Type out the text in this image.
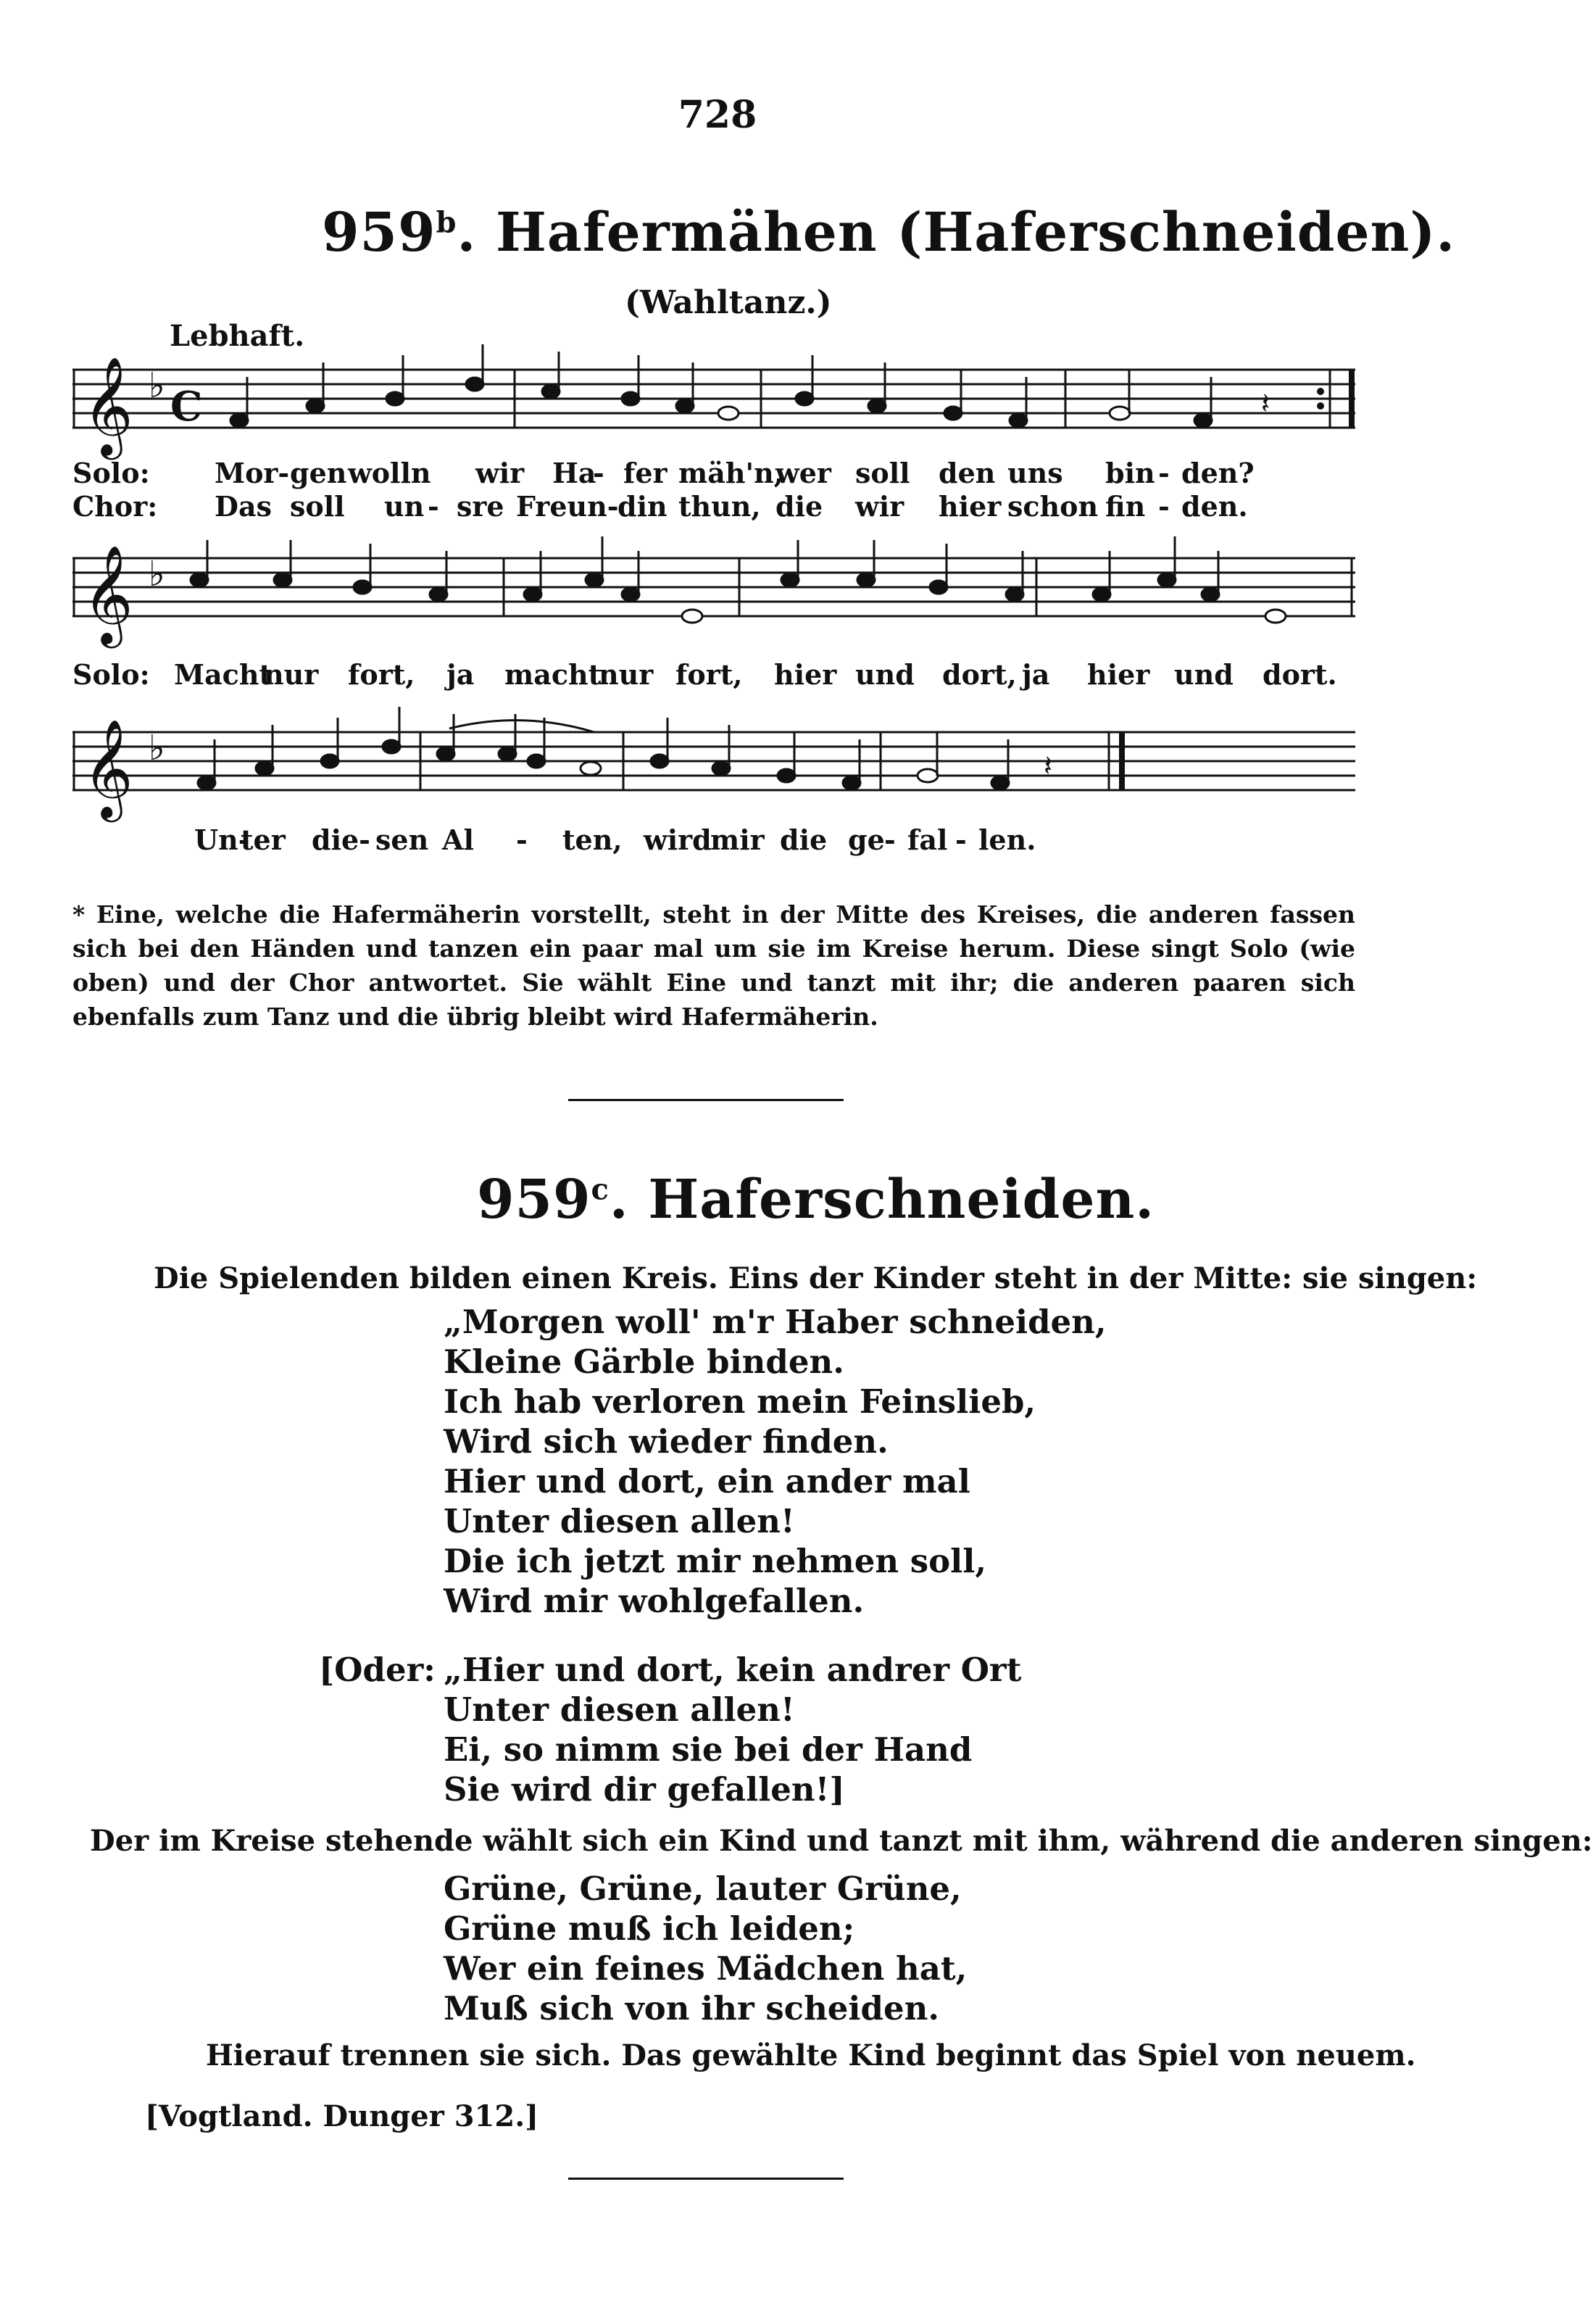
728
959$^b$. Hafermähen (Haferschneiden).
(Wahltanz.)
Lebhaft.
𝄞 ♭ C	𝄽
Solo: Mor- gen wolln wir Ha
- fer mäh'n,
wer soll den uns bin - den?
Chor: Das soll un - sre Freun-
din thun, die wir hier schon fin - den.
𝄞 ♭
Solo: Macht
nur fort, ja macht
nur fort, hier und dort, ja hier und dort.
𝄞 ♭	𝄽
Un-
ter die- sen Al - ten, wird
mir die ge - fal - len.
* Eine, welche die Hafermäherin vorstellt, steht in der Mitte des Kreises, die anderen fassen sich bei den Händen und tanzen ein paar mal um sie im Kreise herum. Diese singt Solo (wie oben) und der Chor antwortet. Sie wählt Eine und tanzt mit ihr; die anderen paaren sich ebenfalls zum Tanz und die übrig bleibt wird Hafermäherin.
959$^c$. Haferschneiden.
Die Spielenden bilden einen Kreis. Eins der Kinder steht in der Mitte: sie singen:
„Morgen woll' m'r Haber schneiden,
Kleine Gärble binden.
Ich hab verloren mein Feinslieb,
Wird sich wieder finden.
Hier und dort, ein ander mal
Unter diesen allen!
Die ich jetzt mir nehmen soll,
Wird mir wohlgefallen.
[Oder: „Hier und dort, kein andrer Ort
Unter diesen allen!
Ei, so nimm sie bei der Hand
Sie wird dir gefallen!]
Der im Kreise stehende wählt sich ein Kind und tanzt mit ihm, während die anderen singen:
Grüne, Grüne, lauter Grüne,
Grüne muß ich leiden;
Wer ein feines Mädchen hat,
Muß sich von ihr scheiden.
Hierauf trennen sie sich. Das gewählte Kind beginnt das Spiel von neuem.
[Vogtland. Dunger 312.]
